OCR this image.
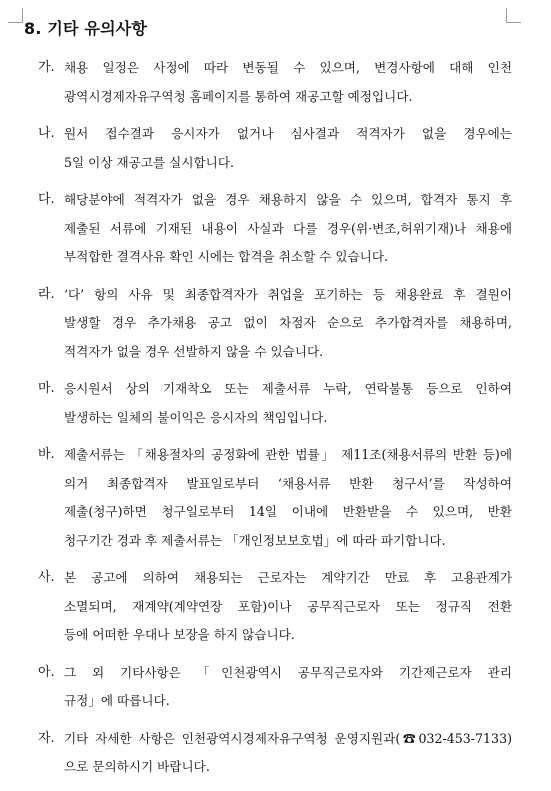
8. 기타 유의사항
가. 채용 일정은 사정에 따라 변동될 수 있으며, 변경사항에 대해 인천
광역시경제자유구역청 홈페이지를 통하여 재공고할 예정입니다.
나. 원서 접수결과 응시자가 없거나 심사결과 적격자가 없을 경우에는
5일 이상 재공고를 실시합니다.
다. 해당분야에 적격자가 없을 경우 채용하지 않을 수 있으며, 합격자 통지 후
제출된 서류에 기재된 내용이 사실과 다를 경우(위·변조,허위기재)나 채용에
부적합한 결격사유 확인 시에는 합격을 취소할 수 있습니다.
라. ‘다’ 항의 사유 및 최종합격자가 취업을 포기하는 등 채용완료 후 결원이
발생할 경우 추가채용 공고 없이 차점자 순으로 추가합격자를 채용하며,
적격자가 없을 경우 선발하지 않을 수 있습니다.
마. 응시원서 상의 기재착오 또는 제출서류 누락, 연락불통 등으로 인하여
발생하는 일체의 불이익은 응시자의 책임입니다.
바. 제출서류는 「채용절차의 공정화에 관한 법률」 제11조(채용서류의 반환 등)에
의거 최종합격자 발표일로부터 ‘채용서류 반환 청구서’를 작성하여
제출(청구)하면 청구일로부터 14일 이내에 반환받을 수 있으며, 반환
청구기간 경과 후 제출서류는 「개인정보보호법」에 따라 파기합니다.
사. 본 공고에 의하여 채용되는 근로자는 계약기간 만료 후 고용관계가
소멸되며, 재계약(계약연장 포함)이나 공무직근로자 또는 정규직 전환
등에 어떠한 우대나 보장을 하지 않습니다.
아. 그 외 기타사항은 「인천광역시 공무직근로자와 기간제근로자 관리
규정」에 따릅니다.
자. 기타 자세한 사항은 인천광역시경제자유구역청 운영지원과(☎032-453-7133)
으로 문의하시기 바랍니다.
